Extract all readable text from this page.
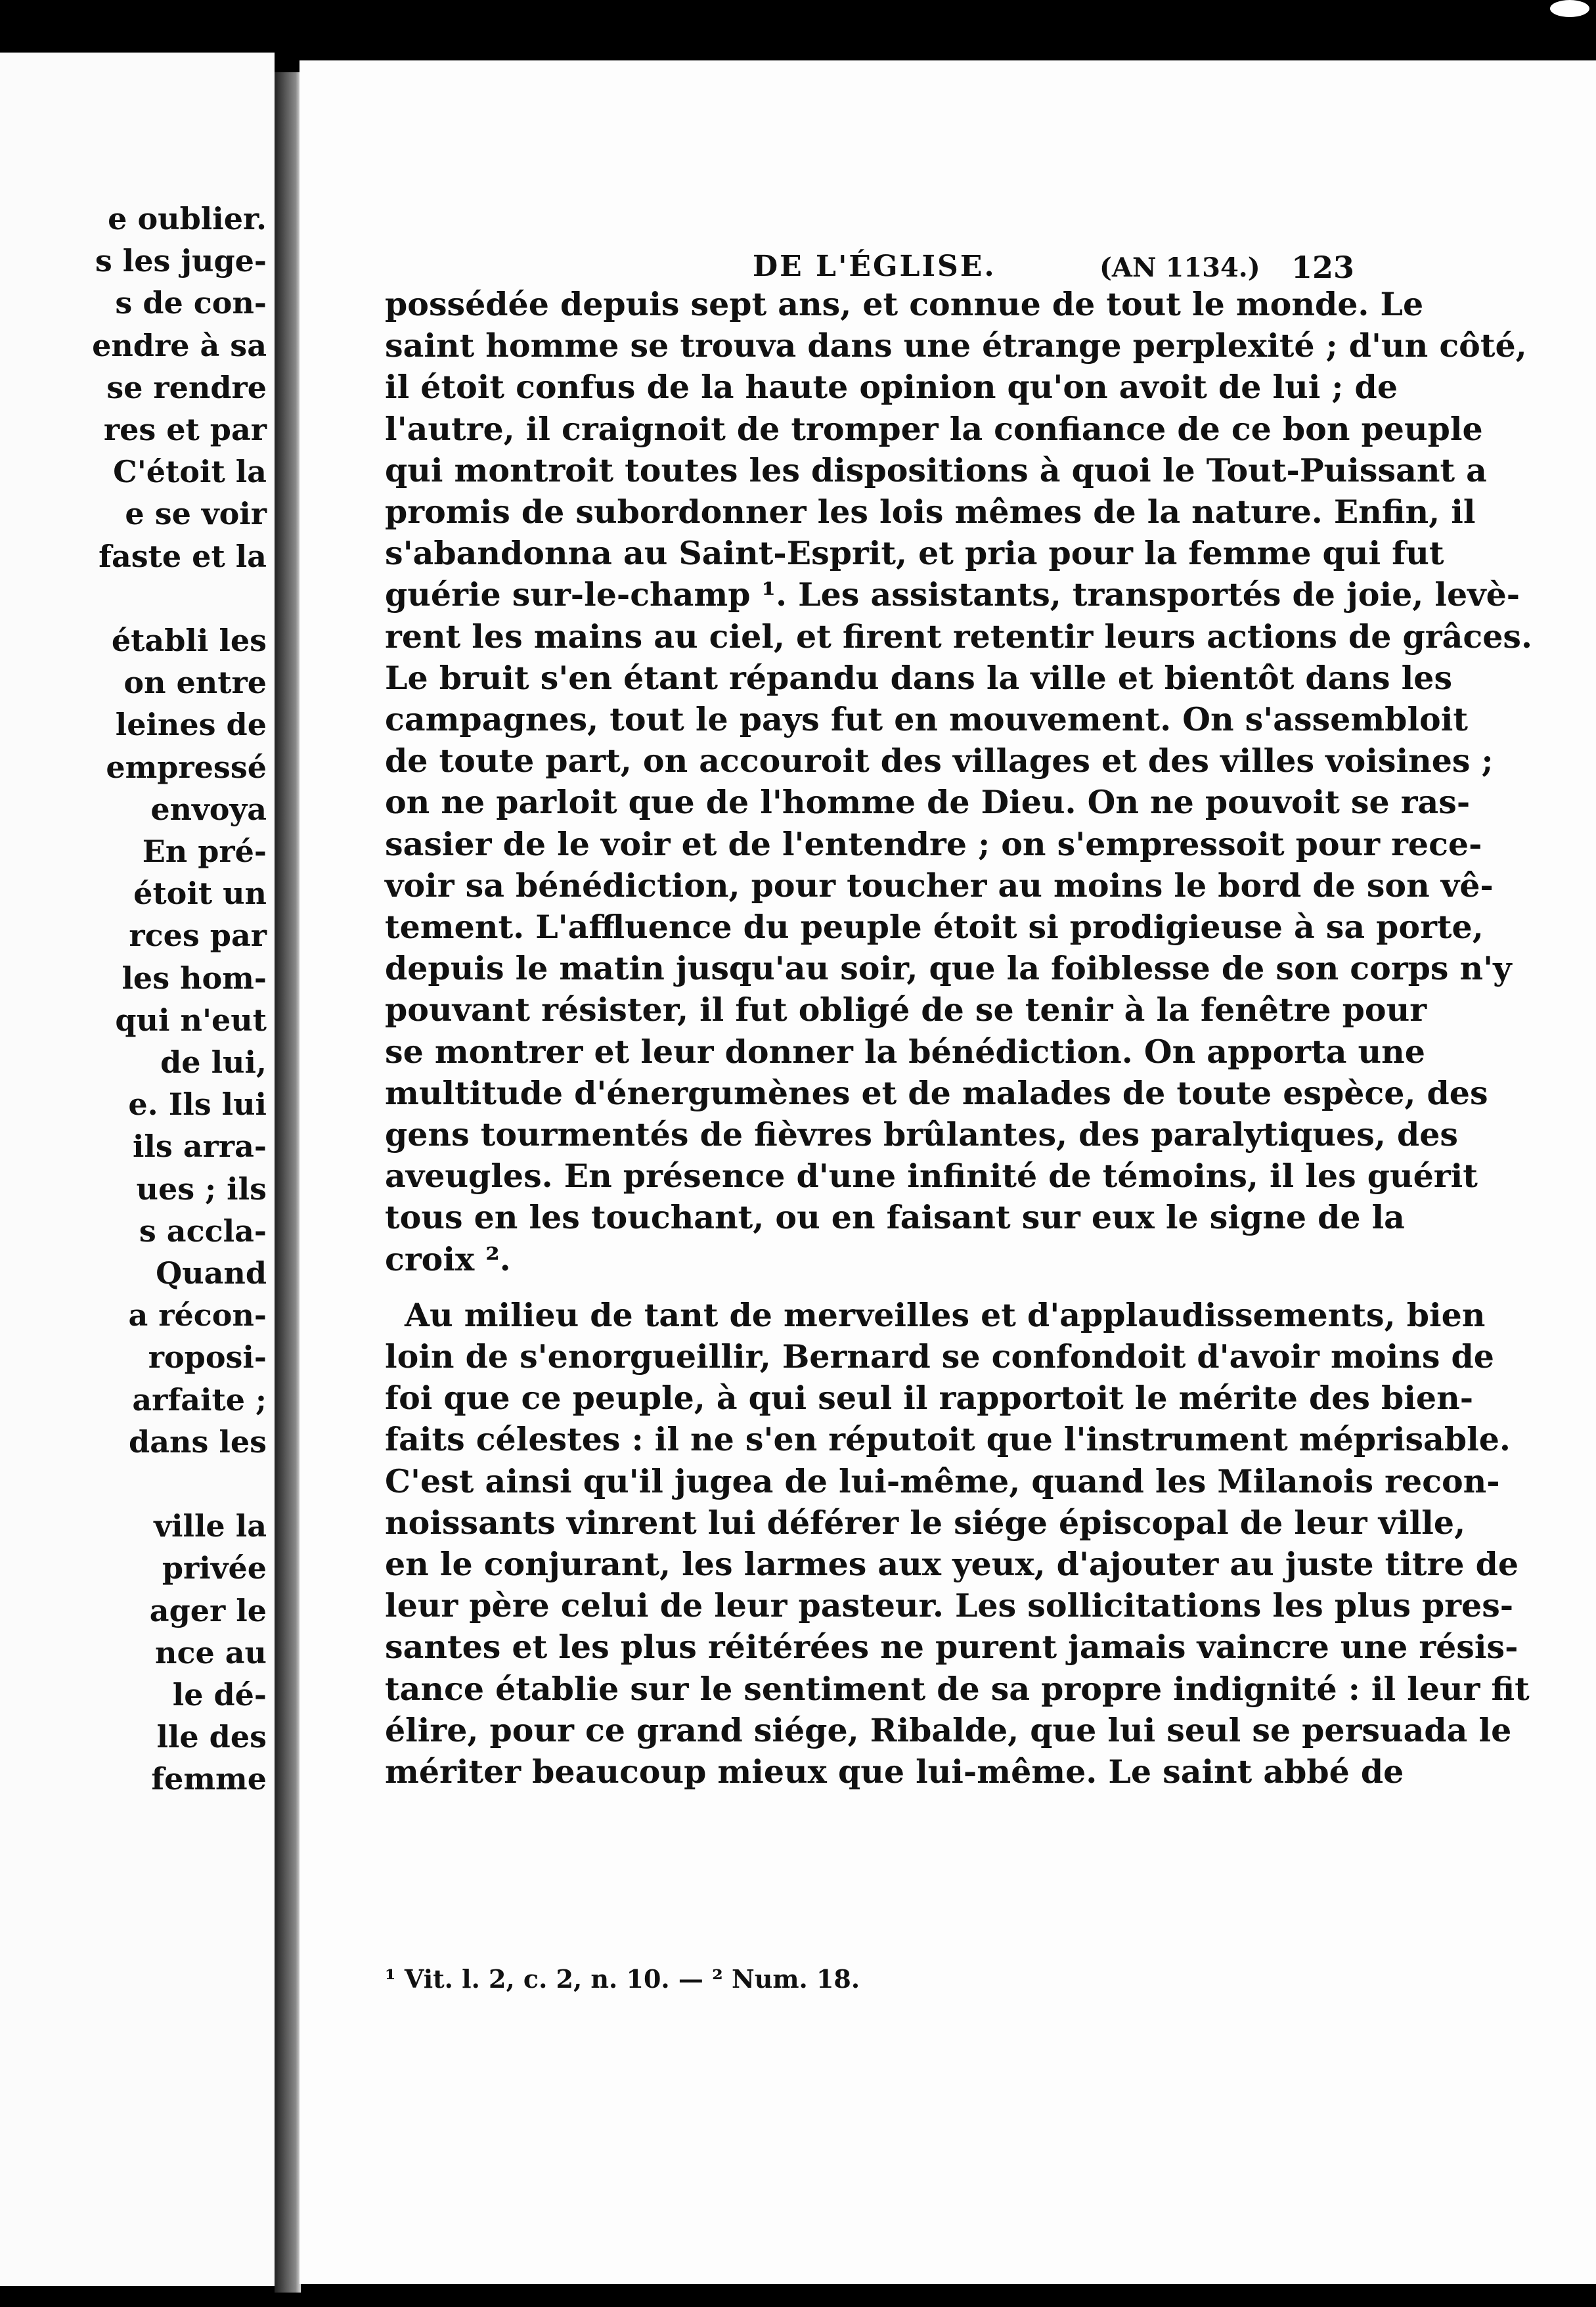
e oublier.
s les juge-
s de con-
endre à sa
se rendre
res et par
C'étoit la
e se voir
faste et la
établi les
on entre
leines de
empressé
envoya
En pré-
étoit un
rces par
les hom-
qui n'eut
de lui,
e. Ils lui
ils arra-
ues ; ils
s accla-
Quand
a récon-
roposi-
arfaite ;
dans les
ville la
privée
ager le
nce au
le dé-
lle des
femme
DE L'ÉGLISE.	(AN 1134.) 123
possédée depuis sept ans, et connue de tout le monde. Le
saint homme se trouva dans une étrange perplexité ; d'un côté,
il étoit confus de la haute opinion qu'on avoit de lui ; de
l'autre, il craignoit de tromper la confiance de ce bon peuple
qui montroit toutes les dispositions à quoi le Tout-Puissant a
promis de subordonner les lois mêmes de la nature. Enfin, il
s'abandonna au Saint-Esprit, et pria pour la femme qui fut
guérie sur-le-champ ¹. Les assistants, transportés de joie, levè-
rent les mains au ciel, et firent retentir leurs actions de grâces.
Le bruit s'en étant répandu dans la ville et bientôt dans les
campagnes, tout le pays fut en mouvement. On s'assembloit
de toute part, on accouroit des villages et des villes voisines ;
on ne parloit que de l'homme de Dieu. On ne pouvoit se ras-
sasier de le voir et de l'entendre ; on s'empressoit pour rece-
voir sa bénédiction, pour toucher au moins le bord de son vê-
tement. L'affluence du peuple étoit si prodigieuse à sa porte,
depuis le matin jusqu'au soir, que la foiblesse de son corps n'y
pouvant résister, il fut obligé de se tenir à la fenêtre pour
se montrer et leur donner la bénédiction. On apporta une
multitude d'énergumènes et de malades de toute espèce, des
gens tourmentés de fièvres brûlantes, des paralytiques, des
aveugles. En présence d'une infinité de témoins, il les guérit
tous en les touchant, ou en faisant sur eux le signe de la
croix ².
Au milieu de tant de merveilles et d'applaudissements, bien
loin de s'enorgueillir, Bernard se confondoit d'avoir moins de
foi que ce peuple, à qui seul il rapportoit le mérite des bien-
faits célestes : il ne s'en réputoit que l'instrument méprisable.
C'est ainsi qu'il jugea de lui-même, quand les Milanois recon-
noissants vinrent lui déférer le siége épiscopal de leur ville,
en le conjurant, les larmes aux yeux, d'ajouter au juste titre de
leur père celui de leur pasteur. Les sollicitations les plus pres-
santes et les plus réitérées ne purent jamais vaincre une résis-
tance établie sur le sentiment de sa propre indignité : il leur fit
élire, pour ce grand siége, Ribalde, que lui seul se persuada le
mériter beaucoup mieux que lui-même. Le saint abbé de
¹ Vit. l. 2, c. 2, n. 10. — ² Num. 18.
